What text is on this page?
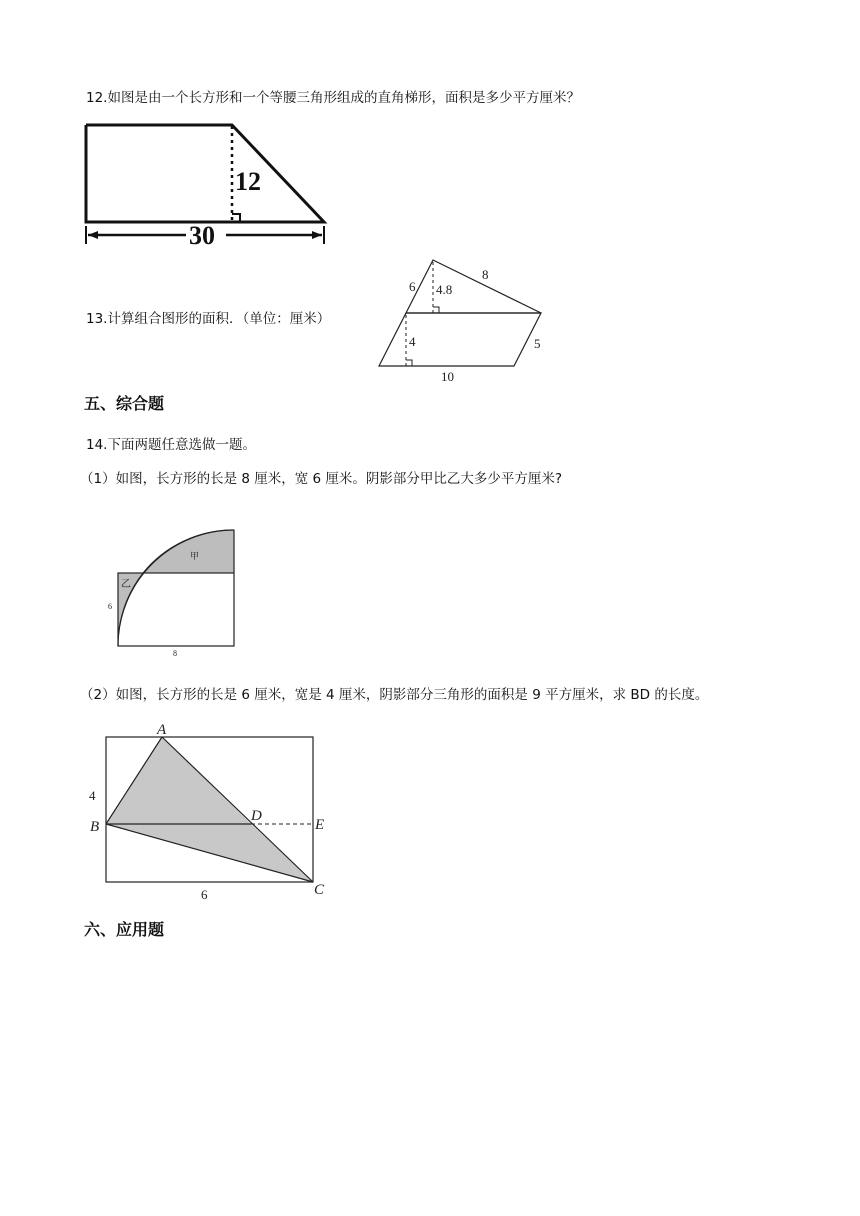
12.如图是由一个长方形和一个等腰三角形组成的直角梯形，面积是多少平方厘米？
12
30
13.计算组合图形的面积．（单位：厘米）
6 4.8
8
4	5
10
五、综合题
14.下面两题任意选做一题。
（1）如图，长方形的长是 8 厘米，宽 6 厘米。阴影部分甲比乙大多少平方厘米?
甲
乙
6
8
（2）如图，长方形的长是 6 厘米，宽是 4 厘米，阴影部分三角形的面积是 9 平方厘米，求 BD 的长度。
A
B
C
D
E
4
6
六、应用题
